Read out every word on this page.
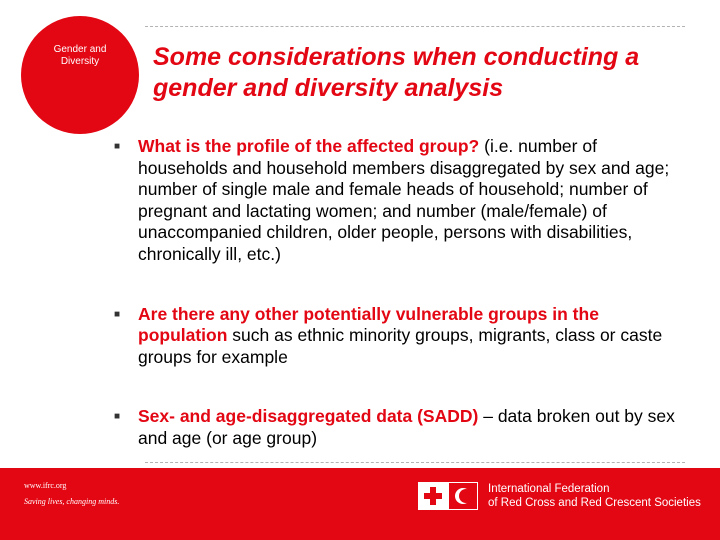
Gender and
Diversity Some considerations when conducting a gender and diversity analysis
■ What is the profile of the affected group? (i.e. number of households and household members disaggregated by sex and age; number of single male and female heads of household; number of pregnant and lactating women; and number (male/female) of unaccompanied children, older people, persons with disabilities, chronically ill, etc.)
■ Are there any other potentially vulnerable groups in the population such as ethnic minority groups, migrants, class or caste groups for example
■ Sex- and age-disaggregated data (SADD) – data broken out by sex and age (or age group)
www.ifrc.org
Saving lives, changing minds.
International Federation
of Red Cross and Red Crescent Societies
